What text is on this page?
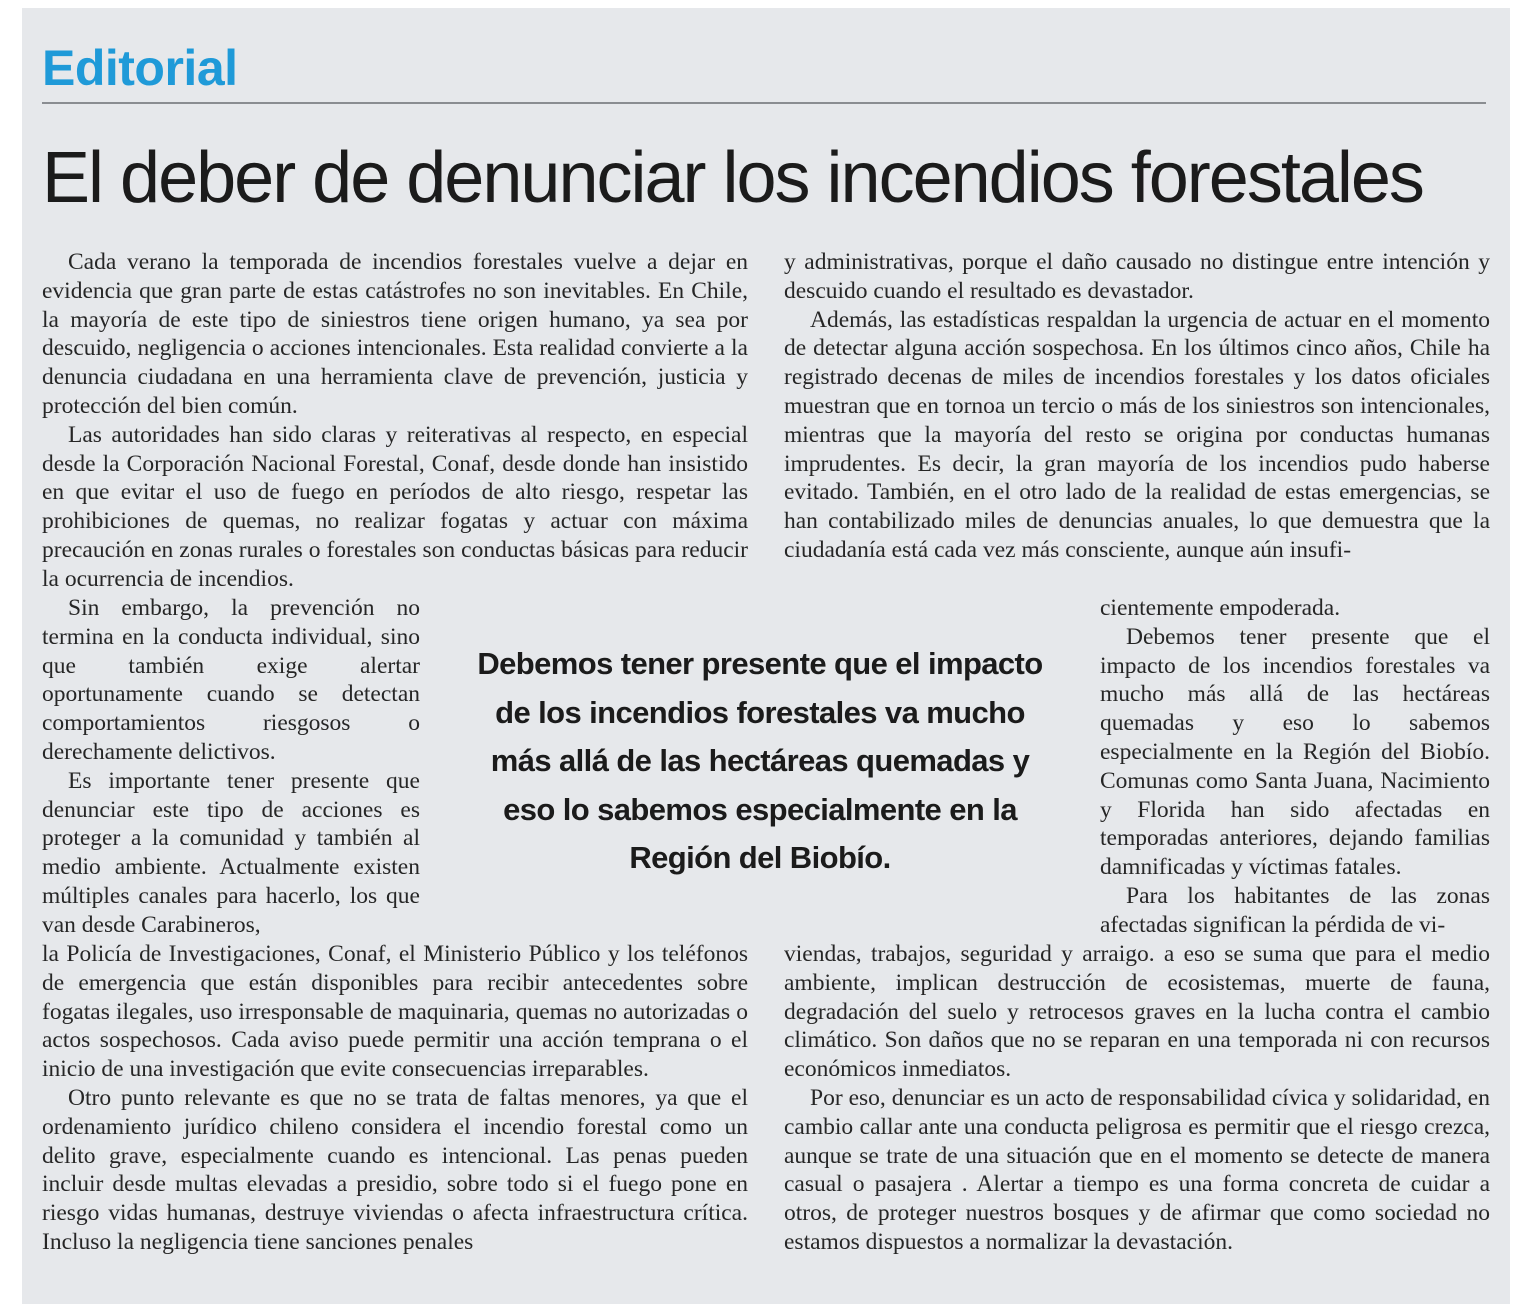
Editorial
El deber de denunciar los incendios forestales

Cada verano la temporada de incendios forestales vuelve a dejar en evidencia que gran parte de estas catástrofes no son inevitables. En Chile, la mayoría de este tipo de siniestros tiene origen humano, ya sea por descuido, negligencia o acciones intencionales. Esta realidad convierte a la denuncia ciudadana en una herramienta clave de prevención, justicia y protección del bien común.

Las autoridades han sido claras y reiterativas al respecto, en especial desde la Corporación Nacional Forestal, Conaf, desde donde han insistido en que evitar el uso de fuego en períodos de alto riesgo, respetar las prohibiciones de quemas, no realizar fogatas y actuar con máxima precaución en zonas rurales o forestales son conductas básicas para reducir la ocurrencia de incendios.

Sin embargo, la prevención no termina en la conducta individual, sino que también exige alertar oportunamente cuando se detectan comportamientos riesgosos o derechamente delictivos.

Es importante tener presente que denunciar este tipo de acciones es proteger a la comunidad y también al medio ambiente. Actualmente existen múltiples canales para hacerlo, los que van desde Carabineros,

la Policía de Investigaciones, Conaf, el Ministerio Público y los teléfonos de emergencia que están disponibles para recibir antecedentes sobre fogatas ilegales, uso irresponsable de maquinaria, quemas no autorizadas o actos sospechosos. Cada aviso puede permitir una acción temprana o el inicio de una investigación que evite consecuencias irreparables.

Otro punto relevante es que no se trata de faltas menores, ya que el ordenamiento jurídico chileno considera el incendio forestal como un delito grave, especialmente cuando es intencional. Las penas pueden incluir desde multas elevadas a presidio, sobre todo si el fuego pone en riesgo vidas humanas, destruye viviendas o afecta infraestructura crítica. Incluso la negligencia tiene sanciones penales

y administrativas, porque el daño causado no distingue entre intención y descuido cuando el resultado es devastador.

Además, las estadísticas respaldan la urgencia de actuar en el momento de detectar alguna acción sospechosa. En los últimos cinco años, Chile ha registrado decenas de miles de incendios forestales y los datos oficiales muestran que en tornoa un tercio o más de los siniestros son intencionales, mientras que la mayoría del resto se origina por conductas humanas imprudentes. Es decir, la gran mayoría de los incendios pudo haberse evitado. También, en el otro lado de la realidad de estas emergencias, se han contabilizado miles de denuncias anuales, lo que demuestra que la ciudadanía está cada vez más consciente, aunque aún insufi-

cientemente empoderada.

Debemos tener presente que el impacto de los incendios forestales va mucho más allá de las hectáreas quemadas y eso lo sabemos especialmente en la Región del Biobío. Comunas como Santa Juana, Nacimiento y Florida han sido afectadas en temporadas anteriores, dejando familias damnificadas y víctimas fatales.

Para los habitantes de las zonas afectadas significan la pérdida de vi-

viendas, trabajos, seguridad y arraigo. a eso se suma que para el medio ambiente, implican destrucción de ecosistemas, muerte de fauna, degradación del suelo y retrocesos graves en la lucha contra el cambio climático. Son daños que no se reparan en una temporada ni con recursos económicos inmediatos.

Por eso, denunciar es un acto de responsabilidad cívica y solidaridad, en cambio callar ante una conducta peligrosa es permitir que el riesgo crezca, aunque se trate de una situación que en el momento se detecte de manera casual o pasajera . Alertar a tiempo es una forma concreta de cuidar a otros, de proteger nuestros bosques y de afirmar que como sociedad no estamos dispuestos a normalizar la devastación.

Debemos tener presente que el impacto de los incendios forestales va mucho más allá de las hectáreas quemadas y eso lo sabemos especialmente en la Región del Biobío.
